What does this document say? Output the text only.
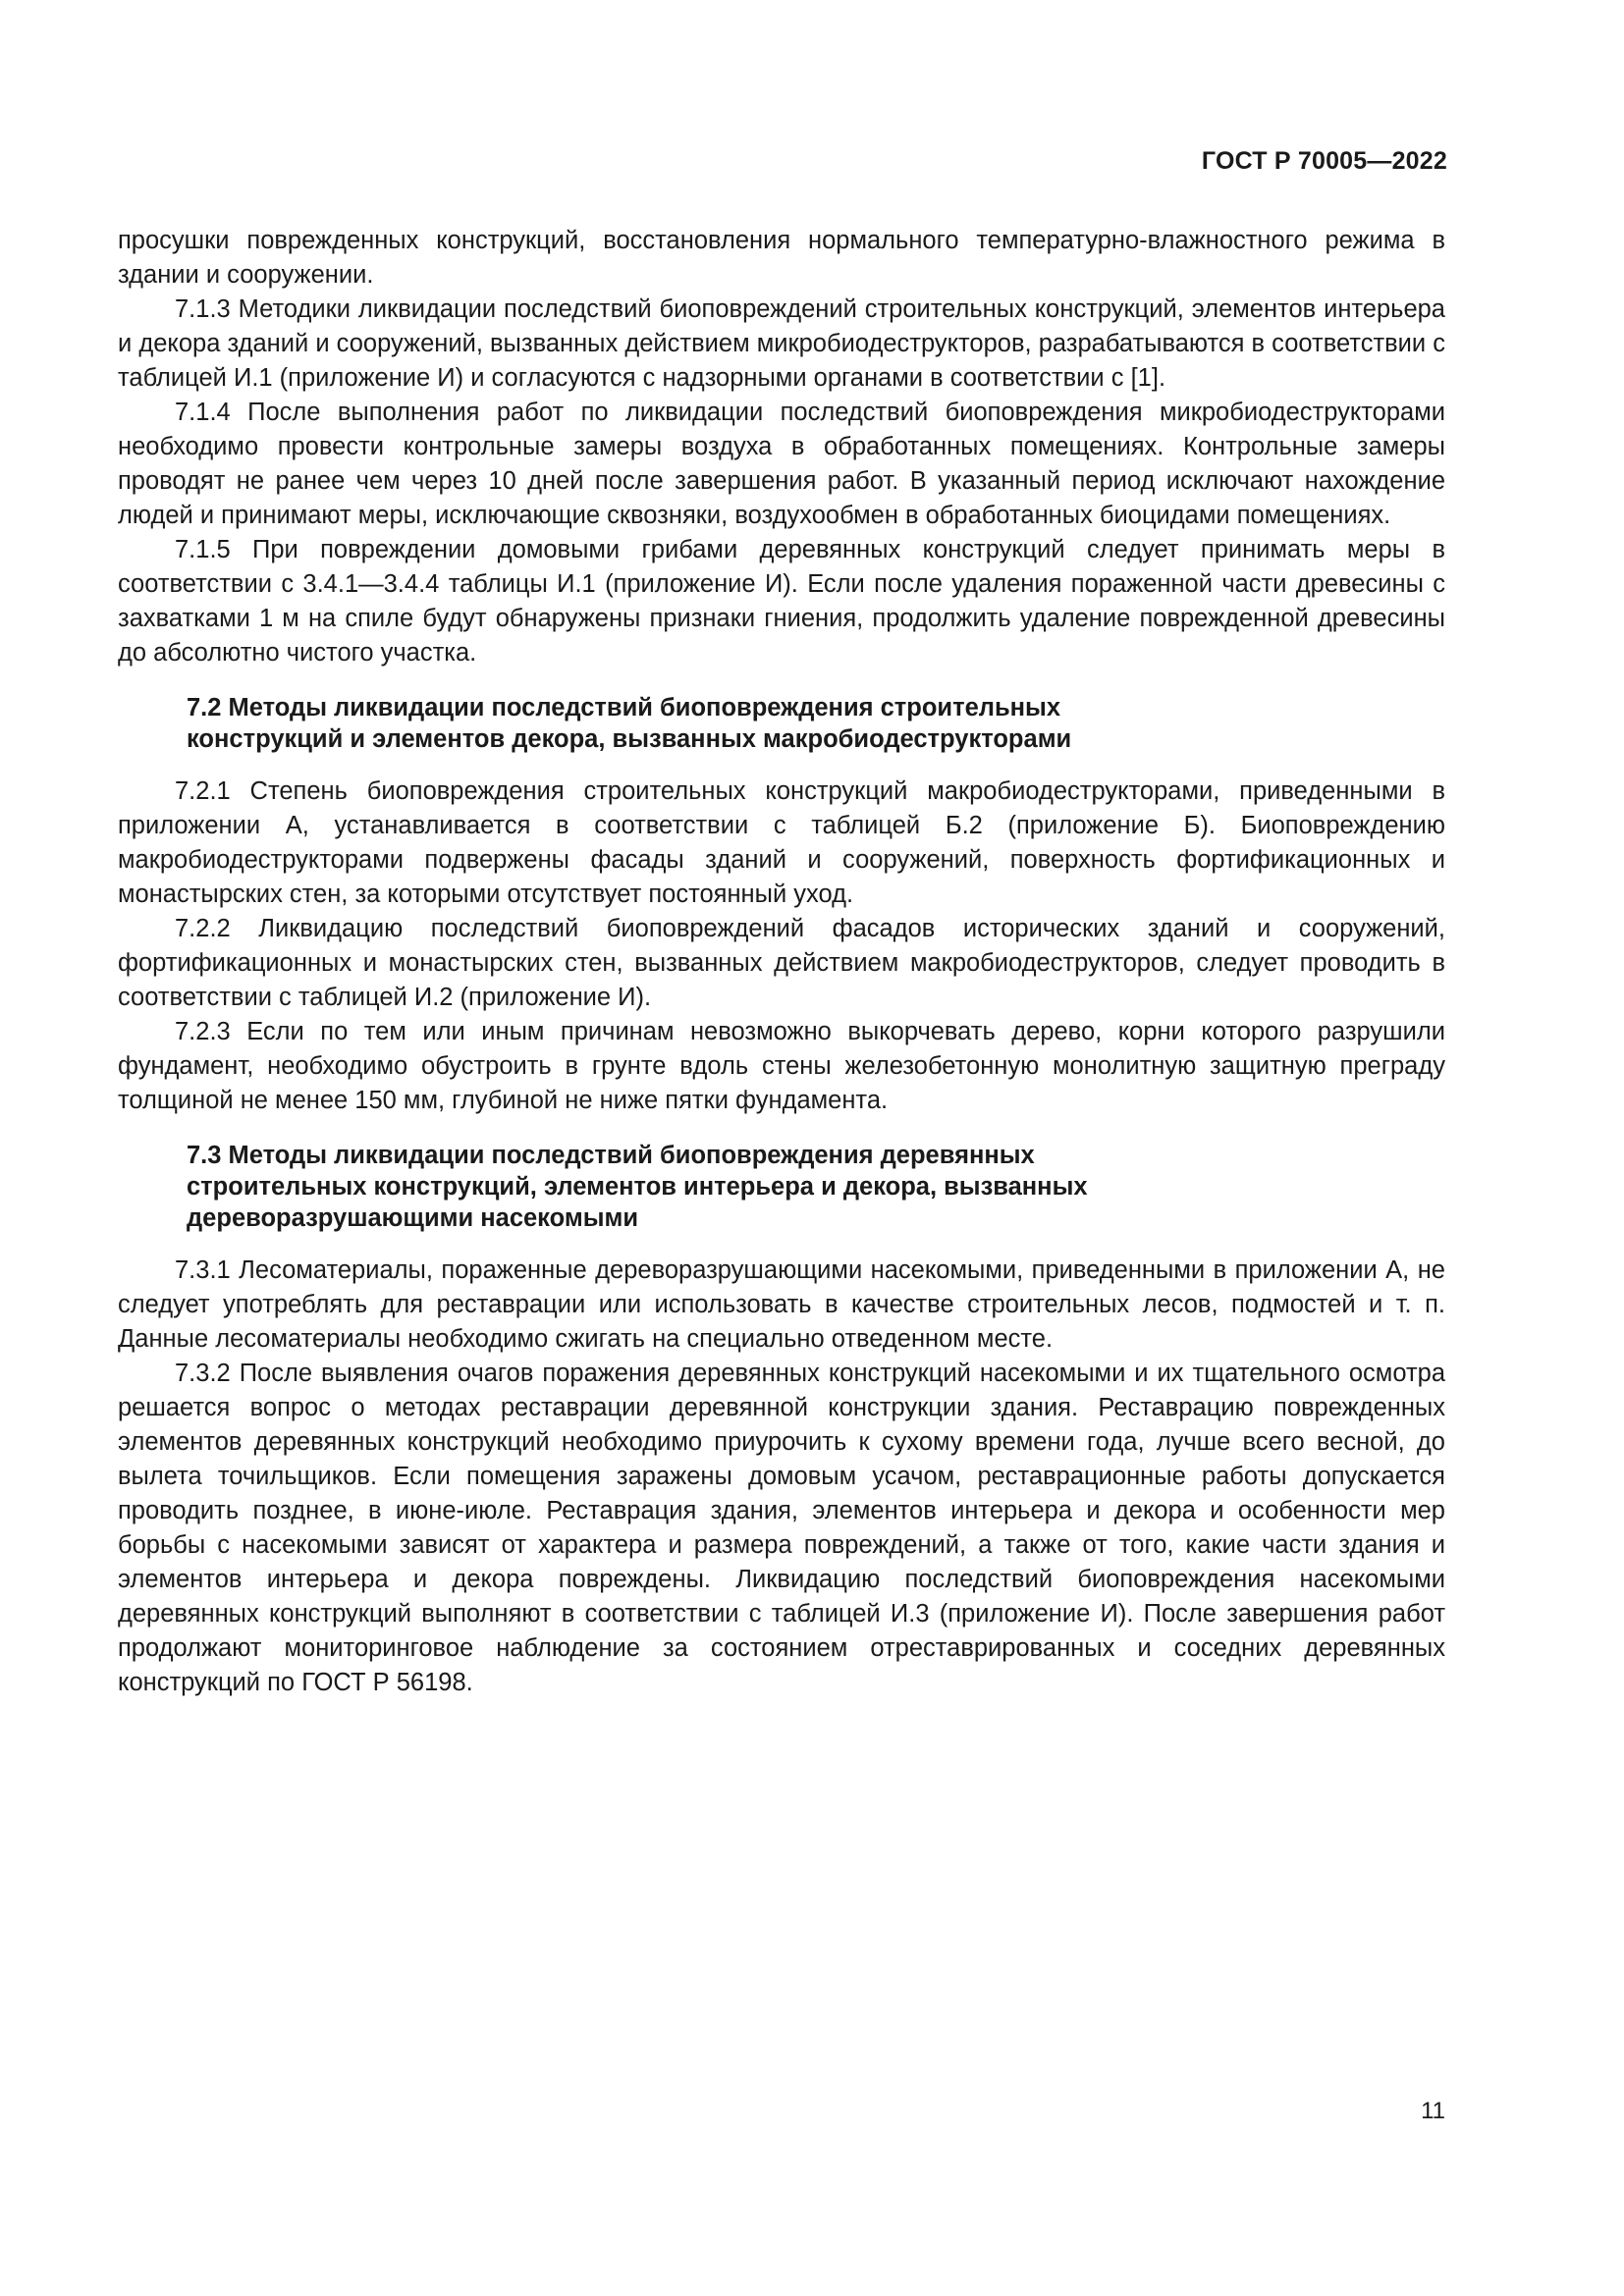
ГОСТ Р 70005—2022

просушки поврежденных конструкций, восстановления нормального температурно-влажностного режима в здании и сооружении.

7.1.3 Методики ликвидации последствий биоповреждений строительных конструкций, элементов интерьера и декора зданий и сооружений, вызванных действием микробиодеструкторов, разрабатываются в соответствии с таблицей И.1 (приложение И) и согласуются с надзорными органами в соответствии с [1].

7.1.4 После выполнения работ по ликвидации последствий биоповреждения микробиодеструкторами необходимо провести контрольные замеры воздуха в обработанных помещениях. Контрольные замеры проводят не ранее чем через 10 дней после завершения работ. В указанный период исключают нахождение людей и принимают меры, исключающие сквозняки, воздухообмен в обработанных биоцидами помещениях.

7.1.5 При повреждении домовыми грибами деревянных конструкций следует принимать меры в соответствии с 3.4.1—3.4.4 таблицы И.1 (приложение И). Если после удаления пораженной части древесины с захватками 1 м на спиле будут обнаружены признаки гниения, продолжить удаление поврежденной древесины до абсолютно чистого участка.

7.2 Методы ликвидации последствий биоповреждения строительных конструкций и элементов декора, вызванных макробиодеструкторами

7.2.1 Степень биоповреждения строительных конструкций макробиодеструкторами, приведенными в приложении А, устанавливается в соответствии с таблицей Б.2 (приложение Б). Биоповреждению макробиодеструкторами подвержены фасады зданий и сооружений, поверхность фортификационных и монастырских стен, за которыми отсутствует постоянный уход.

7.2.2 Ликвидацию последствий биоповреждений фасадов исторических зданий и сооружений, фортификационных и монастырских стен, вызванных действием макробиодеструкторов, следует проводить в соответствии с таблицей И.2 (приложение И).

7.2.3 Если по тем или иным причинам невозможно выкорчевать дерево, корни которого разрушили фундамент, необходимо обустроить в грунте вдоль стены железобетонную монолитную защитную преграду толщиной не менее 150 мм, глубиной не ниже пятки фундамента.

7.3 Методы ликвидации последствий биоповреждения деревянных строительных конструкций, элементов интерьера и декора, вызванных дереворазрушающими насекомыми

7.3.1 Лесоматериалы, пораженные дереворазрушающими насекомыми, приведенными в приложении А, не следует употреблять для реставрации или использовать в качестве строительных лесов, подмостей и т. п. Данные лесоматериалы необходимо сжигать на специально отведенном месте.

7.3.2 После выявления очагов поражения деревянных конструкций насекомыми и их тщательного осмотра решается вопрос о методах реставрации деревянной конструкции здания. Реставрацию поврежденных элементов деревянных конструкций необходимо приурочить к сухому времени года, лучше всего весной, до вылета точильщиков. Если помещения заражены домовым усачом, реставрационные работы допускается проводить позднее, в июне-июле. Реставрация здания, элементов интерьера и декора и особенности мер борьбы с насекомыми зависят от характера и размера повреждений, а также от того, какие части здания и элементов интерьера и декора повреждены. Ликвидацию последствий биоповреждения насекомыми деревянных конструкций выполняют в соответствии с таблицей И.3 (приложение И). После завершения работ продолжают мониторинговое наблюдение за состоянием отреставрированных и соседних деревянных конструкций по ГОСТ Р 56198.

11
